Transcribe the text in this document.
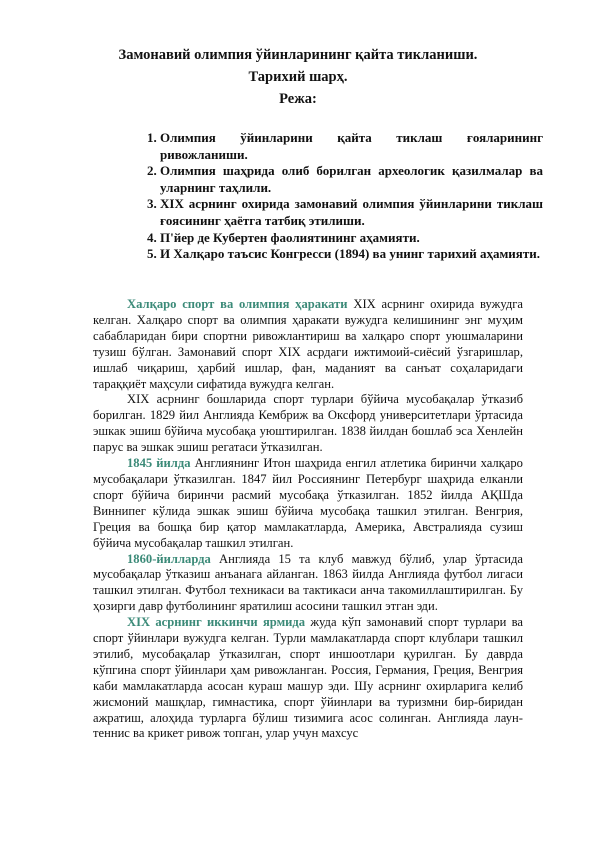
Замонавий олимпия ўйинларининг қайта тикланиши.
Тарихий шарҳ.
Режа:
1. Олимпия ўйинларини қайта тиклаш ғояларининг ривожланиши.
2. Олимпия шаҳрида олиб борилган археологик қазилмалар ва уларнинг таҳлили.
3. XIX асрнинг охирида замонавий олимпия ўйинларини тиклаш ғоясининг ҳаётга татбиқ этилиши.
4. П'йер де Кубертен фаолиятининг аҳамияти.
5. И Халқаро таъсис Конгресси (1894) ва унинг тарихий аҳамияти.

Халқаро спорт ва олимпия ҳаракати XIX асрнинг охирида вужудга келган. Халқаро спорт ва олимпия ҳаракати вужудга келишининг энг муҳим сабабларидан бири спортни ривожлантириш ва халқаро спорт уюшмаларини тузиш бўлган. Замонавий спорт XIX асрдаги ижтимоий-сиёсий ўзгаришлар, ишлаб чиқариш, ҳарбий ишлар, фан, маданият ва санъат соҳаларидаги тараққиёт маҳсули сифатида вужудга келган.

XIX асрнинг бошларида спорт турлари бўйича мусобақалар ўтказиб борилган. 1829 йил Англияда Кембриж ва Оксфорд университетлари ўртасида эшкак эшиш бўйича мусобақа уюштирилган. 1838 йилдан бошлаб эса Хенлейн парус ва эшкак эшиш регатаси ўтказилган.

1845 йилда Англиянинг Итон шаҳрида енгил атлетика биринчи халқаро мусобақалари ўтказилган. 1847 йил Россиянинг Петербург шаҳрида елканли спорт бўйича биринчи расмий мусобақа ўтказилган. 1852 йилда АҚШда Виннипег кўлида эшкак эшиш бўйича мусобақа ташкил этилган. Венгрия, Греция ва бошқа бир қатор мамлакатларда, Америка, Австралияда сузиш бўйича мусобақалар ташкил этилган.

1860-йилларда Англияда 15 та клуб мавжуд бўлиб, улар ўртасида мусобақалар ўтказиш анъанага айланган. 1863 йилда Англияда футбол лигаси ташкил этилган. Футбол техникаси ва тактикаси анча такомиллаштирилган. Бу ҳозирги давр футболининг яратилиш асосини ташкил этган эди.

XIX асрнинг иккинчи ярмида жуда кўп замонавий спорт турлари ва спорт ўйинлари вужудга келган. Турли мамлакатларда спорт клублари ташкил этилиб, мусобақалар ўтказилган, спорт иншоотлари қурилган. Бу даврда кўпгина спорт ўйинлари ҳам ривожланган. Россия, Германия, Греция, Венгрия каби мамлакатларда асосан кураш машур эди. Шу асрнинг охирларига келиб жисмоний машқлар, гимнастика, спорт ўйинлари ва туризмни бир-биридан ажратиш, алоҳида турларга бўлиш тизимига асос солинган. Англияда лаун-теннис ва крикет ривож топган, улар учун махсус
